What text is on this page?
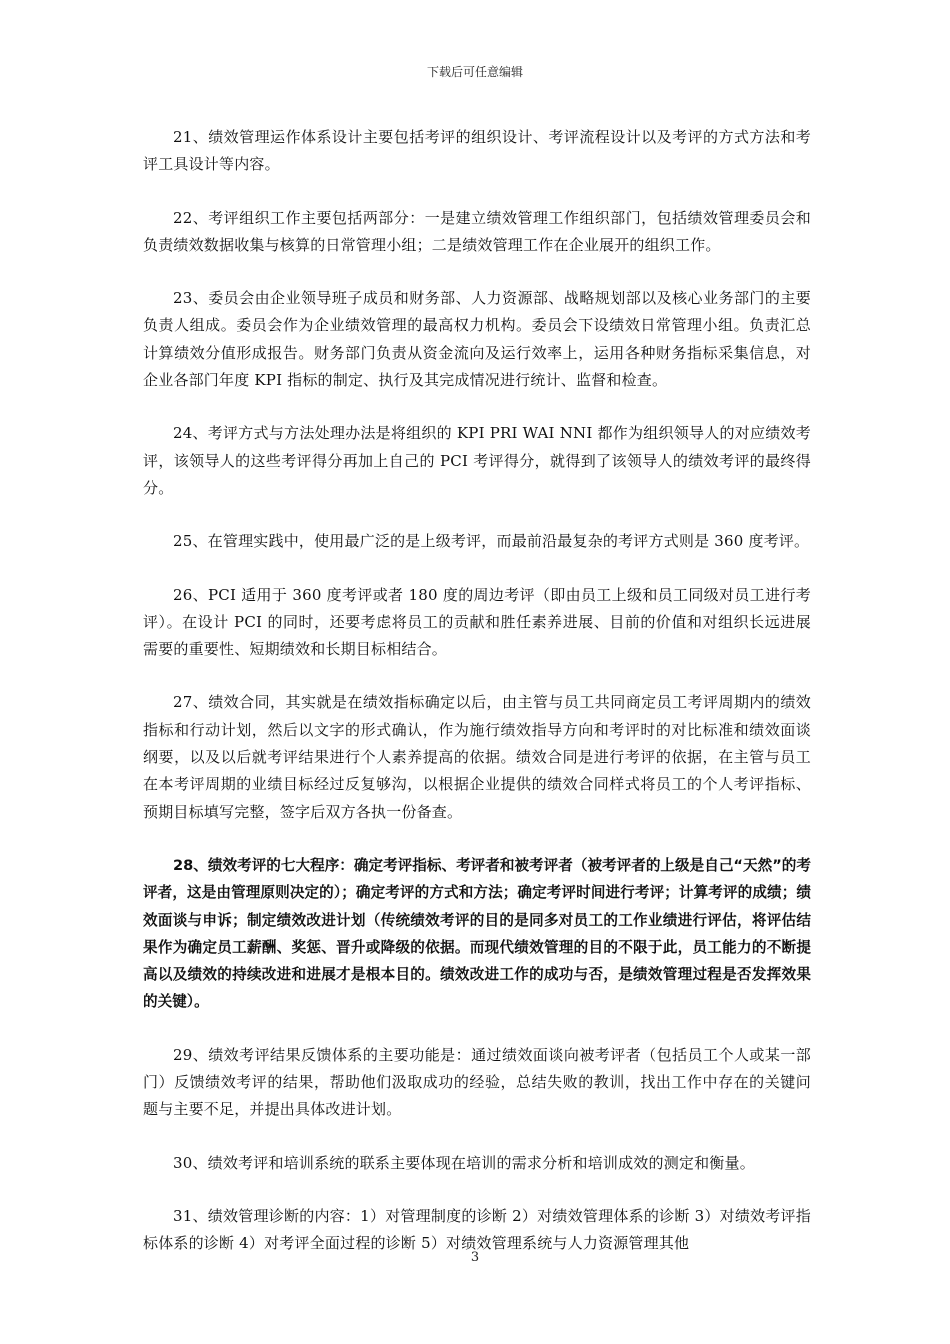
下载后可任意编辑

21、绩效管理运作体系设计主要包括考评的组织设计、考评流程设计以及考评的方式方法和考评工具设计等内容。

22、考评组织工作主要包括两部分：一是建立绩效管理工作组织部门，包括绩效管理委员会和负责绩效数据收集与核算的日常管理小组；二是绩效管理工作在企业展开的组织工作。

23、委员会由企业领导班子成员和财务部、人力资源部、战略规划部以及核心业务部门的主要负责人组成。委员会作为企业绩效管理的最高权力机构。委员会下设绩效日常管理小组。负责汇总计算绩效分值形成报告。财务部门负责从资金流向及运行效率上，运用各种财务指标采集信息，对企业各部门年度 KPI 指标的制定、执行及其完成情况进行统计、监督和检查。

24、考评方式与方法处理办法是将组织的 KPI PRI WAI NNI 都作为组织领导人的对应绩效考评，该领导人的这些考评得分再加上自己的 PCI 考评得分，就得到了该领导人的绩效考评的最终得分。

25、在管理实践中，使用最广泛的是上级考评，而最前沿最复杂的考评方式则是 360 度考评。

26、PCI 适用于 360 度考评或者 180 度的周边考评（即由员工上级和员工同级对员工进行考评）。在设计 PCI 的同时，还要考虑将员工的贡献和胜任素养进展、目前的价值和对组织长远进展需要的重要性、短期绩效和长期目标相结合。

27、绩效合同，其实就是在绩效指标确定以后，由主管与员工共同商定员工考评周期内的绩效指标和行动计划，然后以文字的形式确认，作为施行绩效指导方向和考评时的对比标准和绩效面谈纲要，以及以后就考评结果进行个人素养提高的依据。绩效合同是进行考评的依据，在主管与员工在本考评周期的业绩目标经过反复够沟，以根据企业提供的绩效合同样式将员工的个人考评指标、预期目标填写完整，签字后双方各执一份备查。

28、绩效考评的七大程序：确定考评指标、考评者和被考评者（被考评者的上级是自己“天然”的考评者，这是由管理原则决定的）；确定考评的方式和方法；确定考评时间进行考评；计算考评的成绩；绩效面谈与申诉；制定绩效改进计划（传统绩效考评的目的是同多对员工的工作业绩进行评估，将评估结果作为确定员工薪酬、奖惩、晋升或降级的依据。而现代绩效管理的目的不限于此，员工能力的不断提高以及绩效的持续改进和进展才是根本目的。绩效改进工作的成功与否，是绩效管理过程是否发挥效果的关键）。

29、绩效考评结果反馈体系的主要功能是：通过绩效面谈向被考评者（包括员工个人或某一部门）反馈绩效考评的结果，帮助他们汲取成功的经验，总结失败的教训，找出工作中存在的关键问题与主要不足，并提出具体改进计划。

30、绩效考评和培训系统的联系主要体现在培训的需求分析和培训成效的测定和衡量。

31、绩效管理诊断的内容：1）对管理制度的诊断 2）对绩效管理体系的诊断 3）对绩效考评指标体系的诊断 4）对考评全面过程的诊断 5）对绩效管理系统与人力资源管理其他

3
